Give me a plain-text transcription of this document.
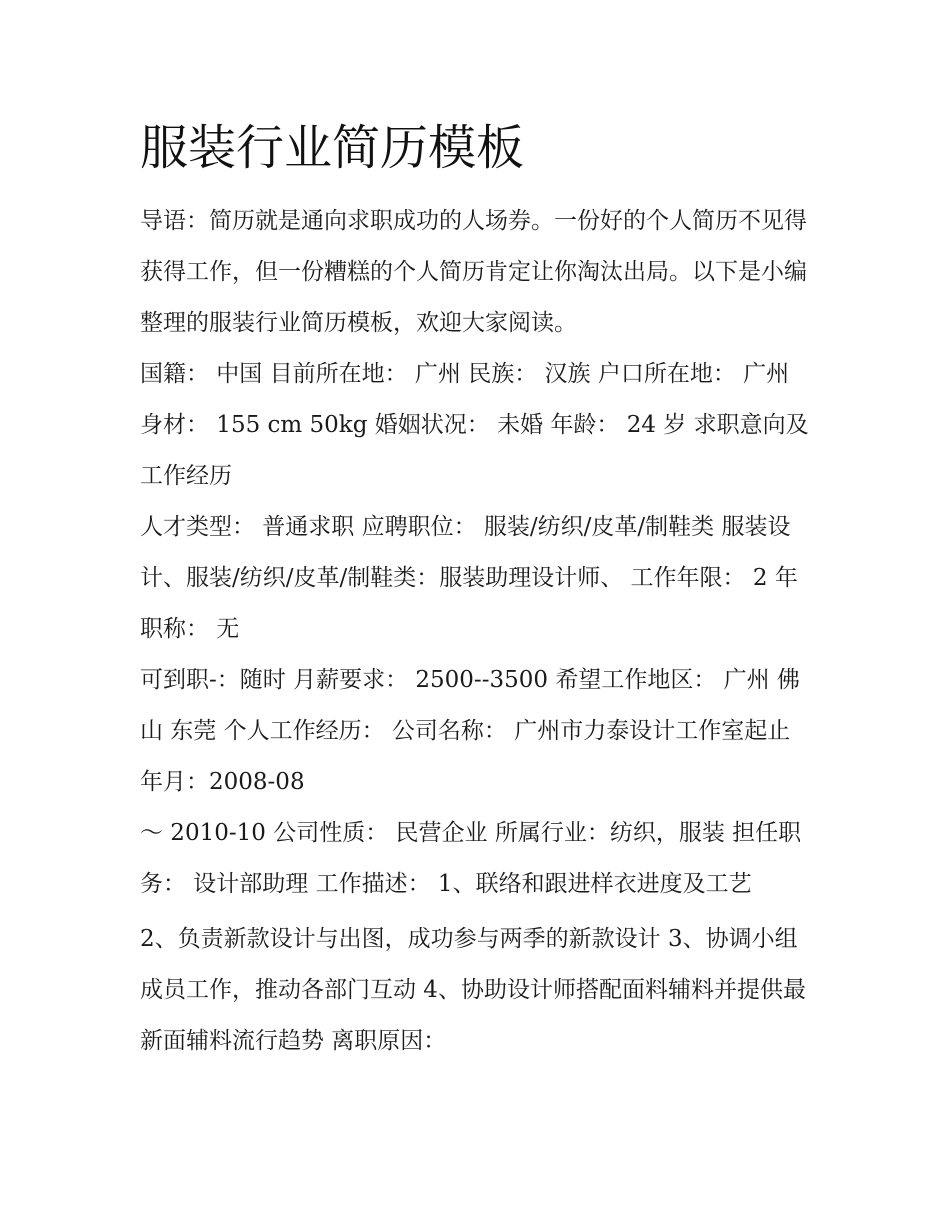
服装行业简历模板

导语：简历就是通向求职成功的人场券。一份好的个人简历不见得获得工作，但一份糟糕的个人简历肯定让你淘汰出局。以下是小编整理的服装行业简历模板，欢迎大家阅读。

国籍： 中国 目前所在地： 广州 民族： 汉族 户口所在地： 广州 身材： 155 cm 50kg 婚姻状况： 未婚 年龄： 24 岁 求职意向及工作经历

人才类型： 普通求职 应聘职位： 服装/纺织/皮革/制鞋类 服装设计、服装/纺织/皮革/制鞋类：服装助理设计师、 工作年限： 2 年 职称： 无

可到职-：随时 月薪要求： 2500--3500 希望工作地区： 广州 佛山 东莞 个人工作经历： 公司名称： 广州市力泰设计工作室起止年月：2008-08

～ 2010-10 公司性质： 民营企业 所属行业：纺织，服装 担任职务： 设计部助理 工作描述： 1、联络和跟进样衣进度及工艺

2、负责新款设计与出图，成功参与两季的新款设计 3、协调小组成员工作，推动各部门互动 4、协助设计师搭配面料辅料并提供最新面辅料流行趋势 离职原因：
